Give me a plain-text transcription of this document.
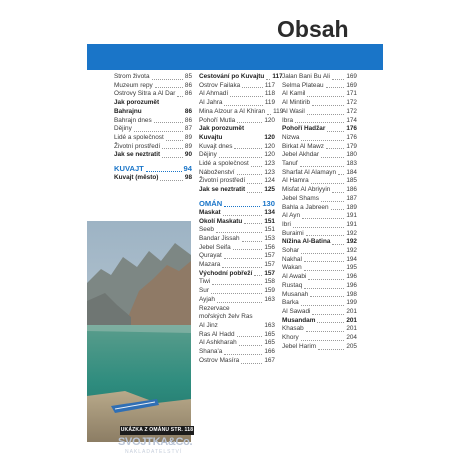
Obsah
Strom života	85
Muzeum repy	86
Ostrovy Sitra a Al Dar 86
Jak porozumět Bahrajnu	86
Bahrajn dnes	86
Dějiny	87
Lidé a společnost	89
Životní prostředí	89
Jak se neztratit	90
KUVAJT	94
Kuvajt (město)	98
Cestování po Kuvajtu 117
Ostrov Failaka	117
Al Ahmadí	118
Al Jahra	119
Mina Alzour a Al Khiran 119
Pohoří Mutla	120
Jak porozumět Kuvajtu	120
Kuvajt dnes	120
Dějiny	120
Lidé a společnost 123
Náboženství	123
Životní prostředí	124
Jak se neztratit	125
OMÁN	130
Maskat	134
Okolí Maskatu	151
Seeb	151
Bandar Jissah	153
Jebel Seifa	156
Qurayat	157
Mazara	157
Východní pobřeží 157
Tiwi	158
Sur	159
Ayjah	163
Rezervace mořských želv Ras Al Jinz	163
Ras Al Hadd	165
Al Ashkharah	165
Shana'a	166
Ostrov Masíra	167
Jalan Bani Bu Ali	169
Selma Plateau	169
Al Kamil	171
Al Mintirib	172
Al Wasil	172
Ibra	174
Pohoří Hadžar	176
Nizwa	176
Birkat Al Mawz	179
Jebel Akhdar	180
Tanuf	183
Sharfat Al Alamayn 184
Al Hamra	185
Misfat Al Abriyyin	186
Jebel Shams	187
Bahla a Jabreen	189
Al Ayn	191
Ibri	191
Buraimi	192
Nížina Al-Batina 192
Sohar	192
Nakhal	194
Wakan	195
Al Awabi	196
Rustaq	196
Musanah	198
Barka	199
Al Sawadi	201
Musandam	201
Khasab	201
Khory	204
Jebel Harim	205
UKÁZKA Z OMÁNU STR. 118
SVOJTKA&Co.
NAKLADATELSTVÍ
